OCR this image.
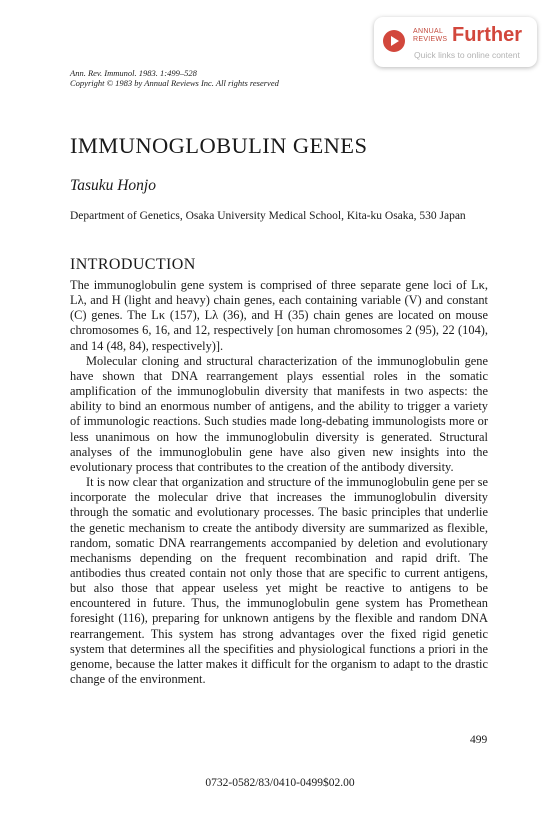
ANNUAL
REVIEWS Further
Quick links to online content
Ann. Rev. Immunol. 1983. 1:499–528
Copyright © 1983 by Annual Reviews Inc. All rights reserved
IMMUNOGLOBULIN GENES
Tasuku Honjo
Department of Genetics, Osaka University Medical School, Kita-ku Osaka, 530 Japan
INTRODUCTION

The immunoglobulin gene system is comprised of three separate gene loci of Lκ, Lλ, and H (light and heavy) chain genes, each containing variable (V) and constant (C) genes. The Lκ (157), Lλ (36), and H (35) chain genes are located on mouse chromosomes 6, 16, and 12, respectively [on human chromosomes 2 (95), 22 (104), and 14 (48, 84), respectively)].

Molecular cloning and structural characterization of the immunoglobulin gene have shown that DNA rearrangement plays essential roles in the somatic amplification of the immunoglobulin diversity that manifests in two aspects: the ability to bind an enormous number of antigens, and the ability to trigger a variety of immunologic reactions. Such studies made long-debating immunologists more or less unanimous on how the immunoglobulin diversity is generated. Structural analyses of the immunoglobulin gene have also given new insights into the evolutionary process that contributes to the creation of the antibody diversity.

It is now clear that organization and structure of the immunoglobulin gene per se incorporate the molecular drive that increases the immunoglobulin diversity through the somatic and evolutionary processes. The basic principles that underlie the genetic mechanism to create the antibody diversity are summarized as flexible, random, somatic DNA rearrangements accompanied by deletion and evolutionary mechanisms depending on the frequent recombination and rapid drift. The antibodies thus created contain not only those that are specific to current antigens, but also those that appear useless yet might be reactive to antigens to be encountered in future. Thus, the immunoglobulin gene system has Promethean foresight (116), preparing for unknown antigens by the flexible and random DNA rearrangement. This system has strong advantages over the fixed rigid genetic system that determines all the specifities and physiological functions a priori in the genome, because the latter makes it difficult for the organism to adapt to the drastic change of the environment.

499
0732-0582/83/0410-0499$02.00
